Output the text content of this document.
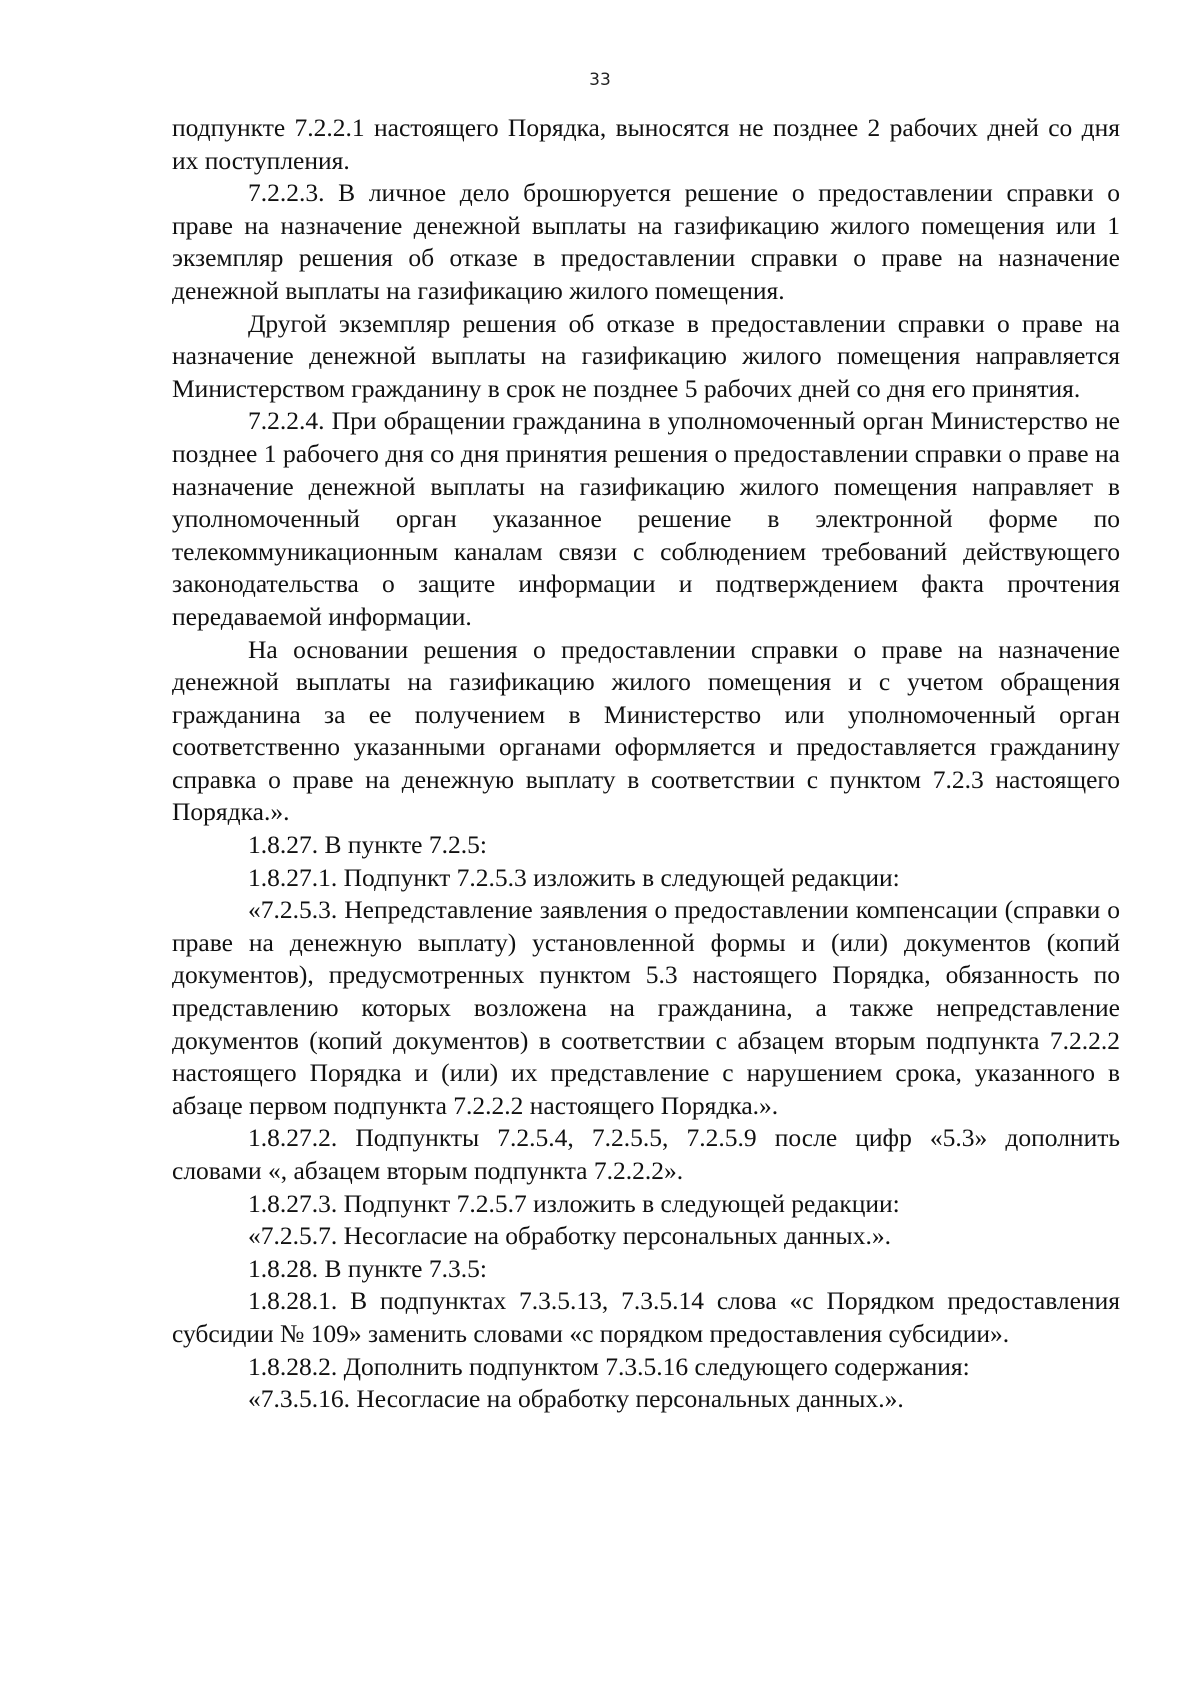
33

подпункте 7.2.2.1 настоящего Порядка, выносятся не позднее 2 рабочих дней со дня их поступления.

7.2.2.3. В личное дело брошюруется решение о предоставлении справки о праве на назначение денежной выплаты на газификацию жилого помещения или 1 экземпляр решения об отказе в предоставлении справки о праве на назначение денежной выплаты на газификацию жилого помещения.

Другой экземпляр решения об отказе в предоставлении справки о праве на назначение денежной выплаты на газификацию жилого помещения направляется Министерством гражданину в срок не позднее 5 рабочих дней со дня его принятия.

7.2.2.4. При обращении гражданина в уполномоченный орган Министерство не позднее 1 рабочего дня со дня принятия решения о предоставлении справки о праве на назначение денежной выплаты на газификацию жилого помещения направляет в уполномоченный орган указанное решение в электронной форме по телекоммуникационным каналам связи с соблюдением требований действующего законодательства о защите информации и подтверждением факта прочтения передаваемой информации.

На основании решения о предоставлении справки о праве на назначение денежной выплаты на газификацию жилого помещения и с учетом обращения гражданина за ее получением в Министерство или уполномоченный орган соответственно указанными органами оформляется и предоставляется гражданину справка о праве на денежную выплату в соответствии с пунктом 7.2.3 настоящего Порядка.».

1.8.27. В пункте 7.2.5:

1.8.27.1. Подпункт 7.2.5.3 изложить в следующей редакции:

«7.2.5.3. Непредставление заявления о предоставлении компенсации (справки о праве на денежную выплату) установленной формы и (или) документов (копий документов), предусмотренных пунктом 5.3 настоящего Порядка, обязанность по представлению которых возложена на гражданина, а также непредставление документов (копий документов) в соответствии с абзацем вторым подпункта 7.2.2.2 настоящего Порядка и (или) их представление с нарушением срока, указанного в абзаце первом подпункта 7.2.2.2 настоящего Порядка.».

1.8.27.2. Подпункты 7.2.5.4, 7.2.5.5, 7.2.5.9 после цифр «5.3» дополнить словами «, абзацем вторым подпункта 7.2.2.2».

1.8.27.3. Подпункт 7.2.5.7 изложить в следующей редакции:

«7.2.5.7. Несогласие на обработку персональных данных.».

1.8.28. В пункте 7.3.5:

1.8.28.1. В подпунктах 7.3.5.13, 7.3.5.14 слова «с Порядком предоставления субсидии № 109» заменить словами «с порядком предоставления субсидии».

1.8.28.2. Дополнить подпунктом 7.3.5.16 следующего содержания:

«7.3.5.16. Несогласие на обработку персональных данных.».
